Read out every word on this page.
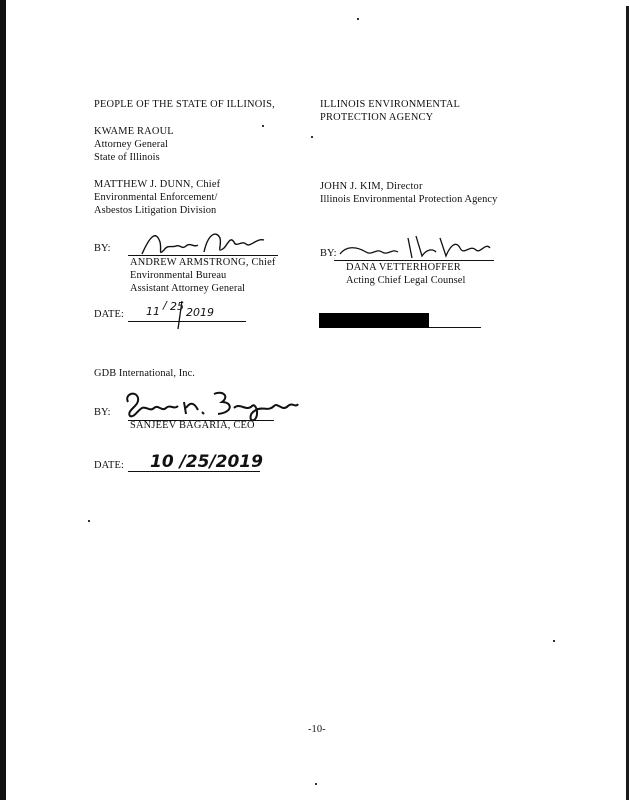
PEOPLE OF THE STATE OF ILLINOIS,
KWAME RAOUL
Attorney General
State of Illinois
MATTHEW J. DUNN, Chief
Environmental Enforcement/
Asbestos Litigation Division
BY:
ANDREW ARMSTRONG, Chief
Environmental Bureau
Assistant Attorney General
DATE: 11 / 25 2019
ILLINOIS ENVIRONMENTAL
PROTECTION AGENCY
JOHN J. KIM, Director
Illinois Environmental Protection Agency
BY:
DANA VETTERHOFFER
Acting Chief Legal Counsel
GDB International, Inc.
BY:
SANJEEV BAGARIA, CEO
DATE: 10 /25/2019
-10-
